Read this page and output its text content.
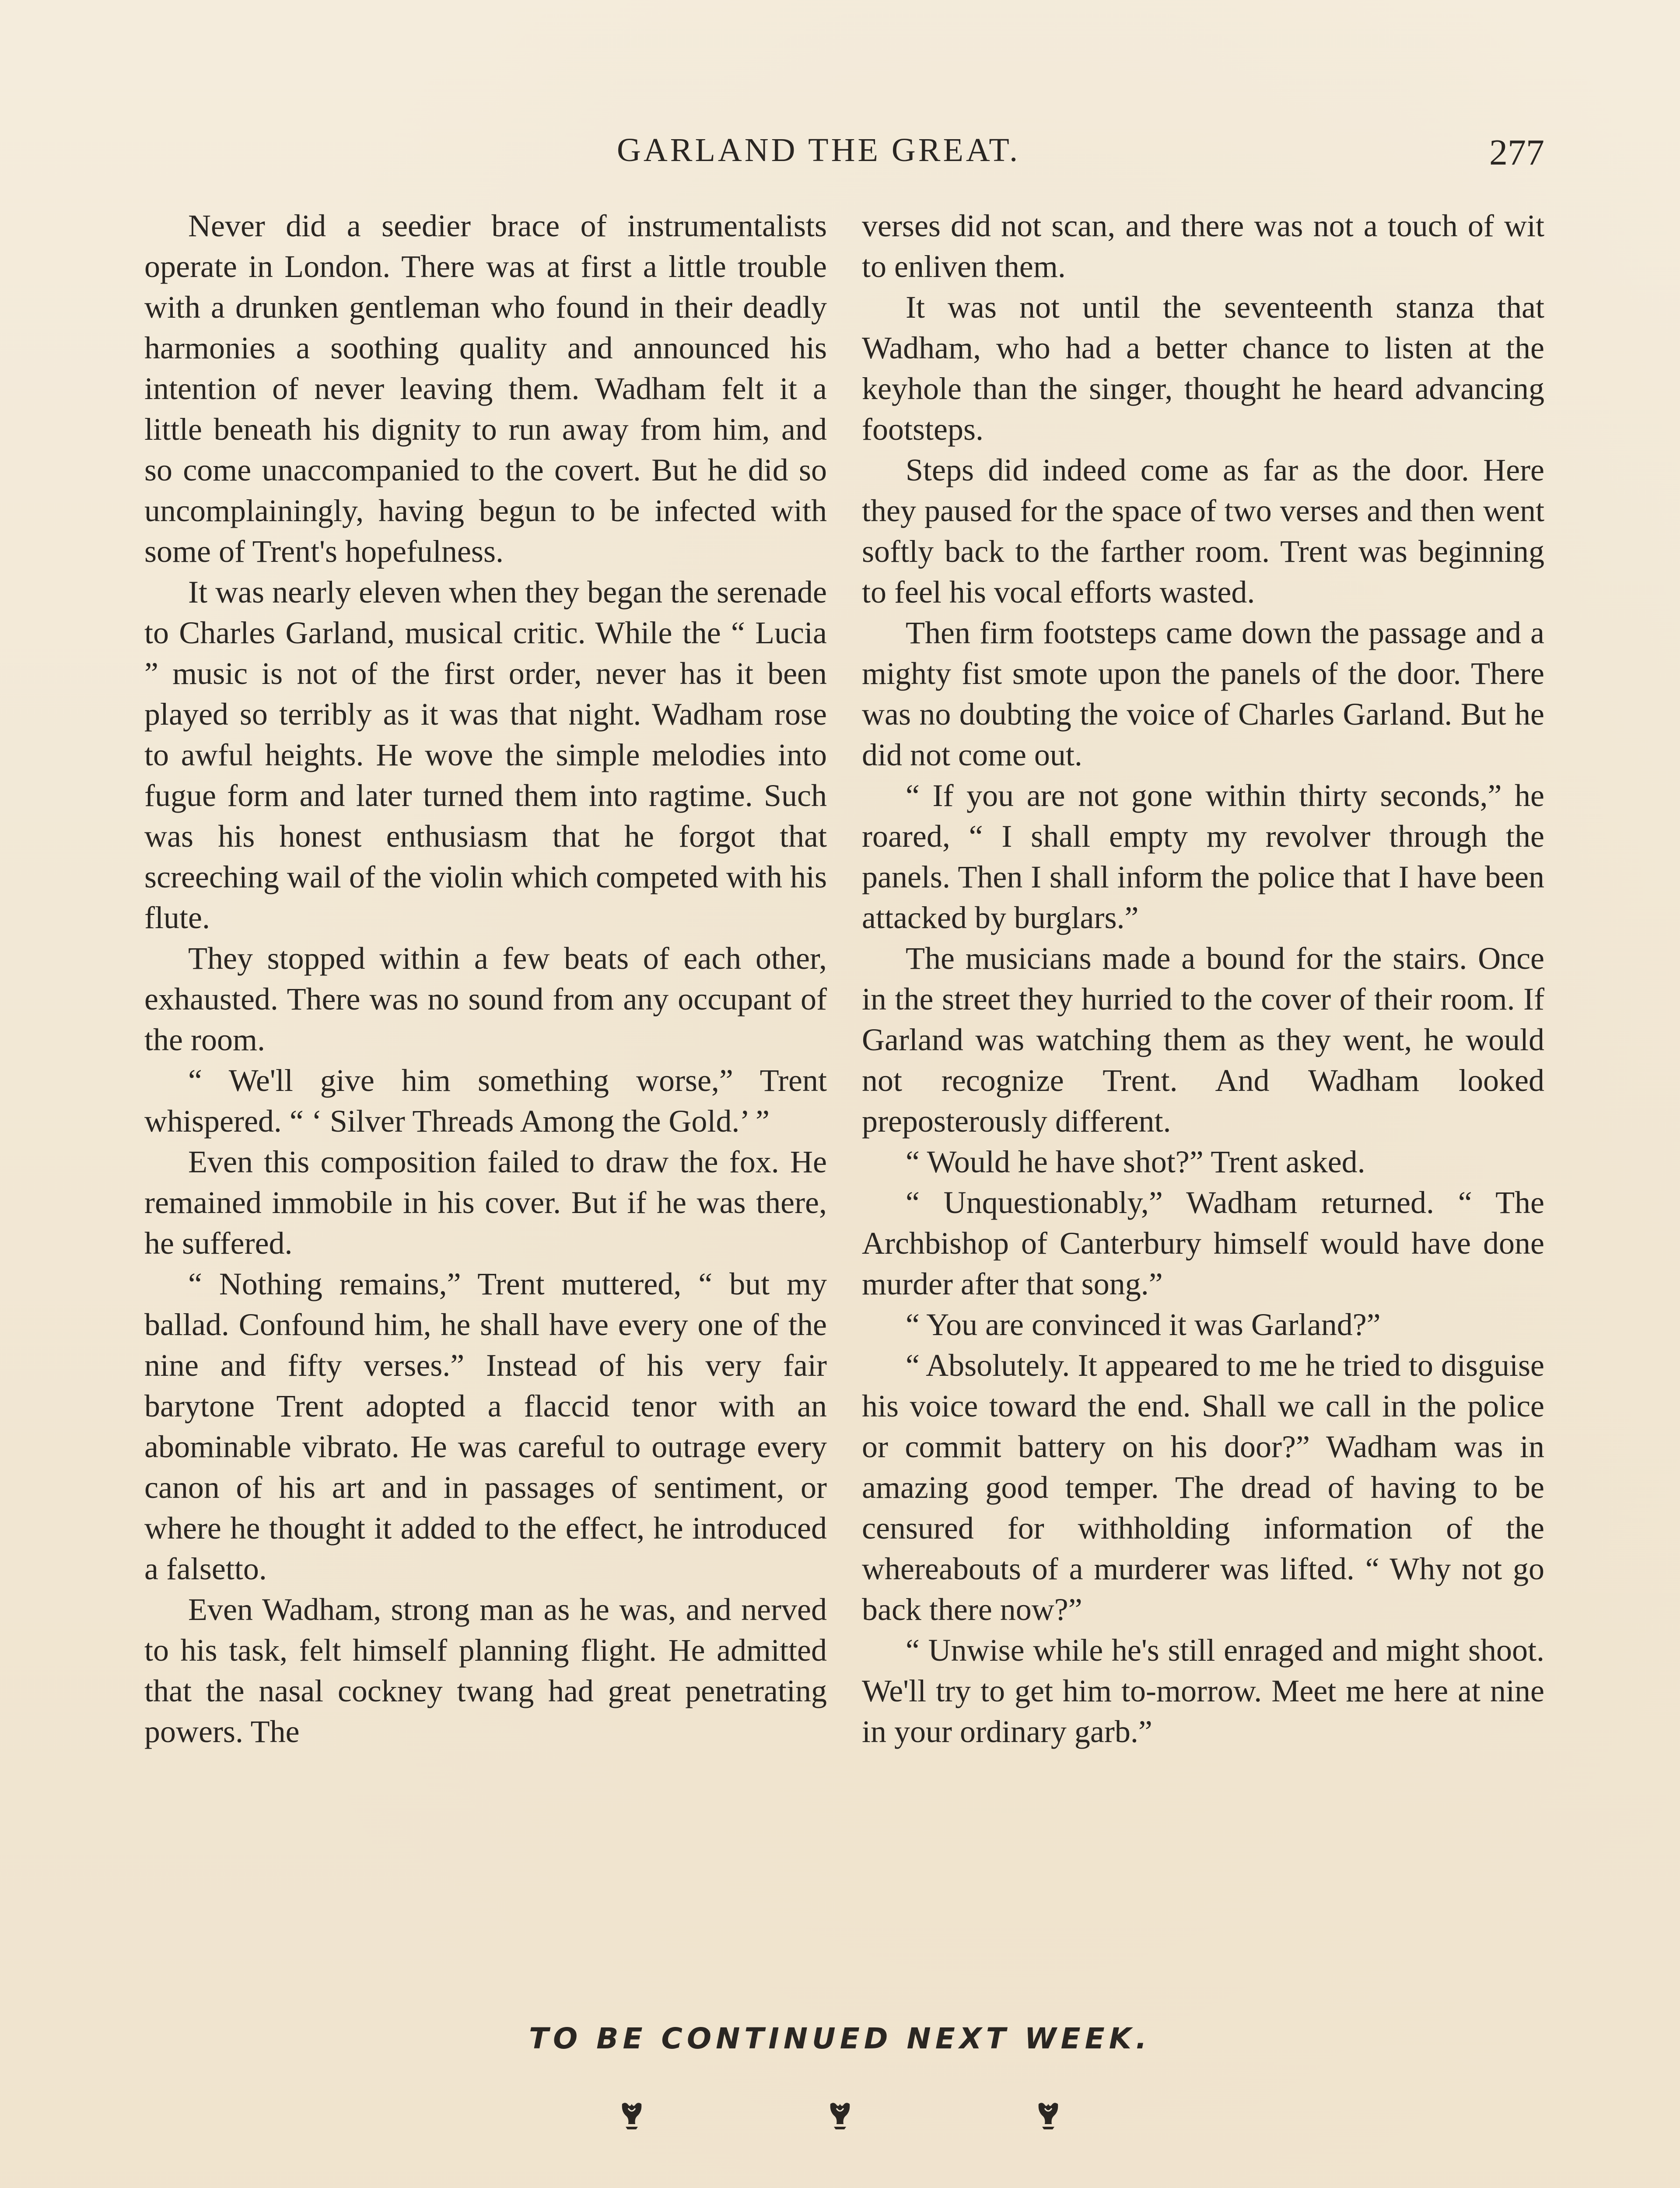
GARLAND THE GREAT.	277

Never did a seedier brace of instrumentalists operate in London. There was at first a little trouble with a drunken gentleman who found in their deadly harmonies a soothing quality and announced his intention of never leaving them. Wadham felt it a little beneath his dignity to run away from him, and so come unaccompanied to the covert. But he did so uncomplainingly, having begun to be infected with some of Trent's hopefulness.

It was nearly eleven when they began the serenade to Charles Garland, musical critic. While the “ Lucia ” music is not of the first order, never has it been played so terribly as it was that night. Wadham rose to awful heights. He wove the simple melodies into fugue form and later turned them into ragtime. Such was his honest enthusiasm that he forgot that screeching wail of the violin which competed with his flute.

They stopped within a few beats of each other, exhausted. There was no sound from any occupant of the room.

“ We'll give him something worse,” Trent whispered. “ ‘ Silver Threads Among the Gold.’ ”

Even this composition failed to draw the fox. He remained immobile in his cover. But if he was there, he suffered.

“ Nothing remains,” Trent muttered, “ but my ballad. Confound him, he shall have every one of the nine and fifty verses.” Instead of his very fair barytone Trent adopted a flaccid tenor with an abominable vibrato. He was careful to outrage every canon of his art and in passages of sentiment, or where he thought it added to the effect, he introduced a falsetto.

Even Wadham, strong man as he was, and nerved to his task, felt himself planning flight. He admitted that the nasal cockney twang had great penetrating powers. The

verses did not scan, and there was not a touch of wit to enliven them.

It was not until the seventeenth stanza that Wadham, who had a better chance to listen at the keyhole than the singer, thought he heard advancing footsteps.

Steps did indeed come as far as the door. Here they paused for the space of two verses and then went softly back to the farther room. Trent was beginning to feel his vocal efforts wasted.

Then firm footsteps came down the passage and a mighty fist smote upon the panels of the door. There was no doubting the voice of Charles Garland. But he did not come out.

“ If you are not gone within thirty seconds,” he roared, “ I shall empty my revolver through the panels. Then I shall inform the police that I have been attacked by burglars.”

The musicians made a bound for the stairs. Once in the street they hurried to the cover of their room. If Garland was watching them as they went, he would not recognize Trent. And Wadham looked preposterously different.

“ Would he have shot?” Trent asked.

“ Unquestionably,” Wadham returned. “ The Archbishop of Canterbury himself would have done murder after that song.”

“ You are convinced it was Garland?”

“ Absolutely. It appeared to me he tried to disguise his voice toward the end. Shall we call in the police or commit battery on his door?” Wadham was in amazing good temper. The dread of having to be censured for withholding information of the whereabouts of a murderer was lifted. “ Why not go back there now?”

“ Unwise while he's still enraged and might shoot. We'll try to get him to-morrow. Meet me here at nine in your ordinary garb.”

TO BE CONTINUED NEXT WEEK.
